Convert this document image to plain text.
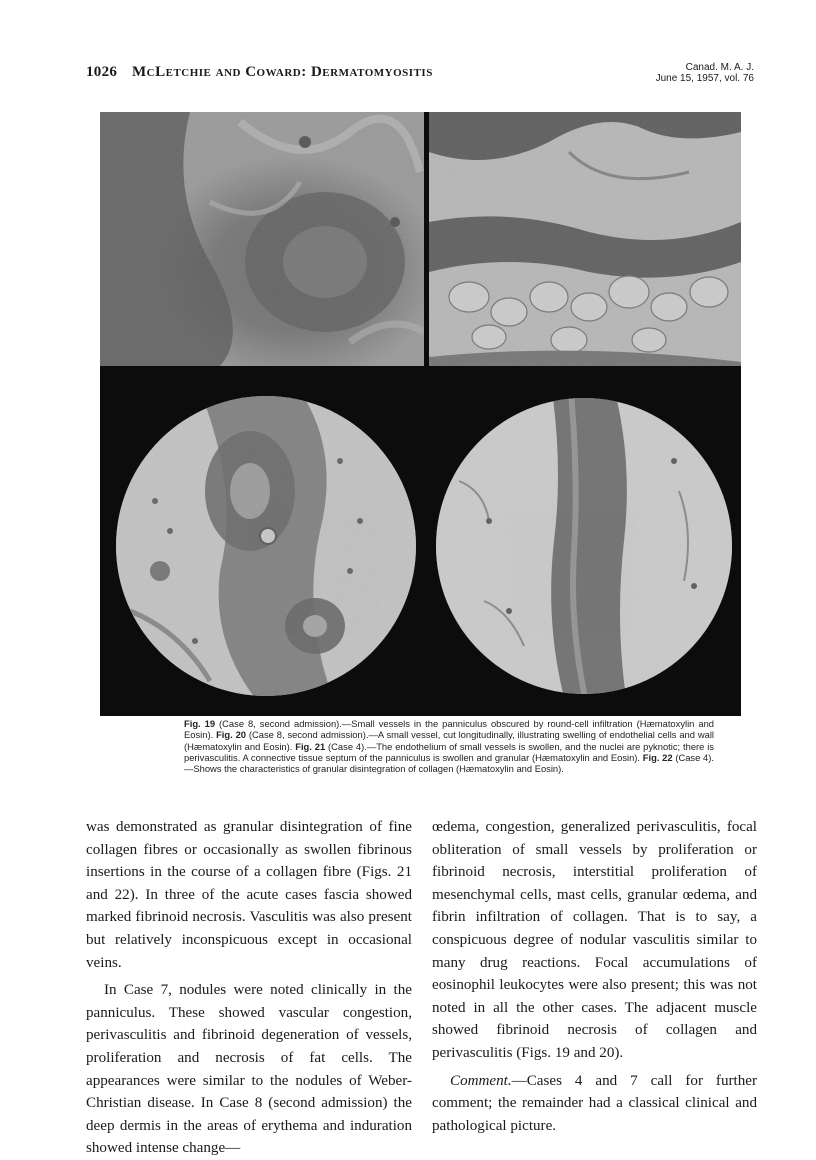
1026 McLetchie and Coward: Dermatomyositis	Canad. M. A. J.
June 15, 1957, vol. 76
Fig. 19 (Case 8, second admission).—Small vessels in the panniculus obscured by round-cell infiltration (Hæmatoxylin and Eosin). Fig. 20 (Case 8, second admission).—A small vessel, cut longitudinally, illustrating swelling of endothelial cells and wall (Hæmatoxylin and Eosin). Fig. 21 (Case 4).—The endothelium of small vessels is swollen, and the nuclei are pyknotic; there is perivasculitis. A connective tissue septum of the panniculus is swollen and granular (Hæmatoxylin and Eosin). Fig. 22 (Case 4).—Shows the characteristics of granular disintegration of collagen (Hæmatoxylin and Eosin).

was demonstrated as granular disintegration of fine collagen fibres or occasionally as swollen fibrinous insertions in the course of a collagen fibre (Figs. 21 and 22). In three of the acute cases fascia showed marked fibrinoid necrosis. Vasculitis was also present but relatively inconspicuous except in occasional veins.

In Case 7, nodules were noted clinically in the panniculus. These showed vascular congestion, perivasculitis and fibrinoid degeneration of vessels, proliferation and necrosis of fat cells. The appearances were similar to the nodules of Weber-Christian disease. In Case 8 (second admission) the deep dermis in the areas of erythema and induration showed intense change—

œdema, congestion, generalized perivasculitis, focal obliteration of small vessels by proliferation or fibrinoid necrosis, interstitial proliferation of mesenchymal cells, mast cells, granular œdema, and fibrin infiltration of collagen. That is to say, a conspicuous degree of nodular vasculitis similar to many drug reactions. Focal accumulations of eosinophil leukocytes were also present; this was not noted in all the other cases. The adjacent muscle showed fibrinoid necrosis of collagen and perivasculitis (Figs. 19 and 20).

Comment.—Cases 4 and 7 call for further comment; the remainder had a classical clinical and pathological picture.
